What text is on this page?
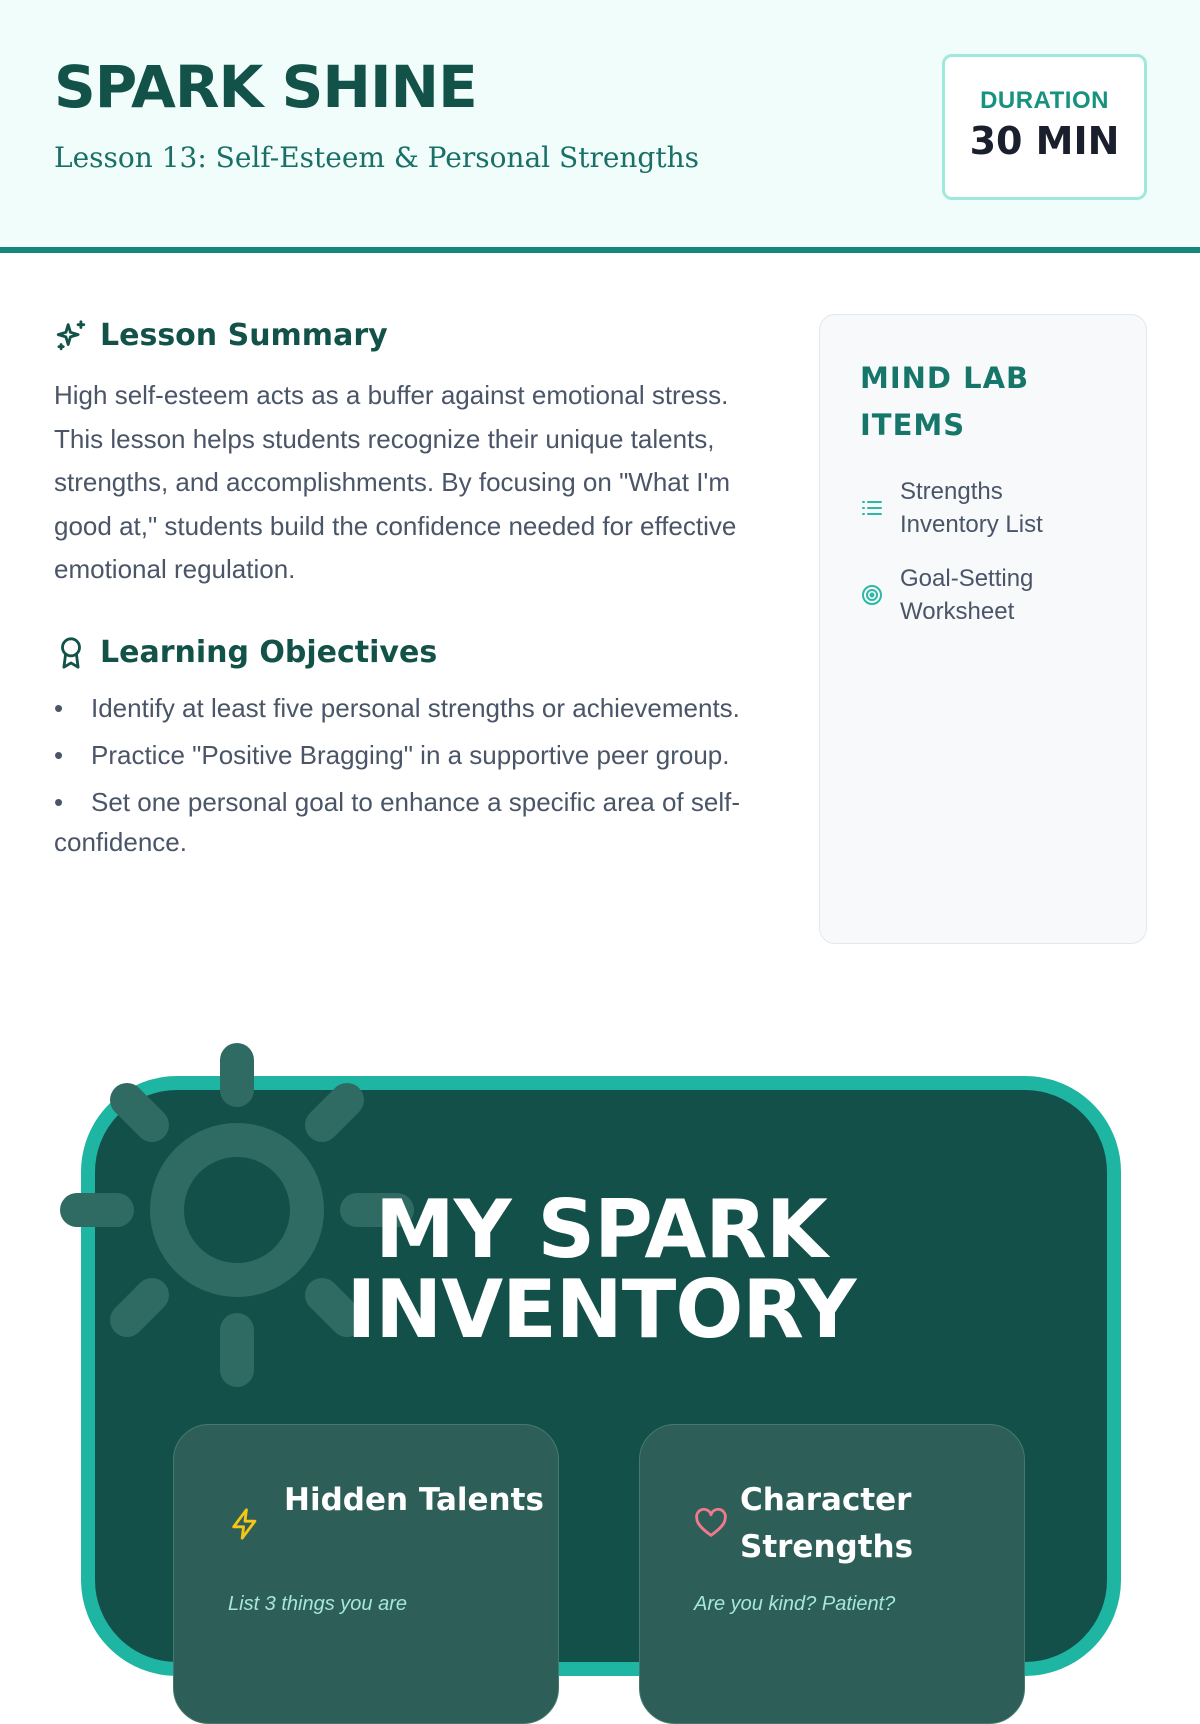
SPARK SHINE
Lesson 13: Self-Esteem & Personal Strengths
DURATION
30 MIN
Lesson Summary

High self-esteem acts as a buffer against emotional stress. This lesson helps students recognize their unique talents, strengths, and accomplishments. By focusing on "What I'm good at," students build the confidence needed for effective emotional regulation.

Learning Objectives
• Identify at least five personal strengths or achievements.
• Practice "Positive Bragging" in a supportive peer group.
• Set one personal goal to enhance a specific area of self-confidence.
MIND LAB ITEMS
Strengths Inventory List
Goal-Setting Worksheet
MY SPARK
INVENTORY
Hidden Talents
List 3 things you are
Character Strengths
Are you kind? Patient?
